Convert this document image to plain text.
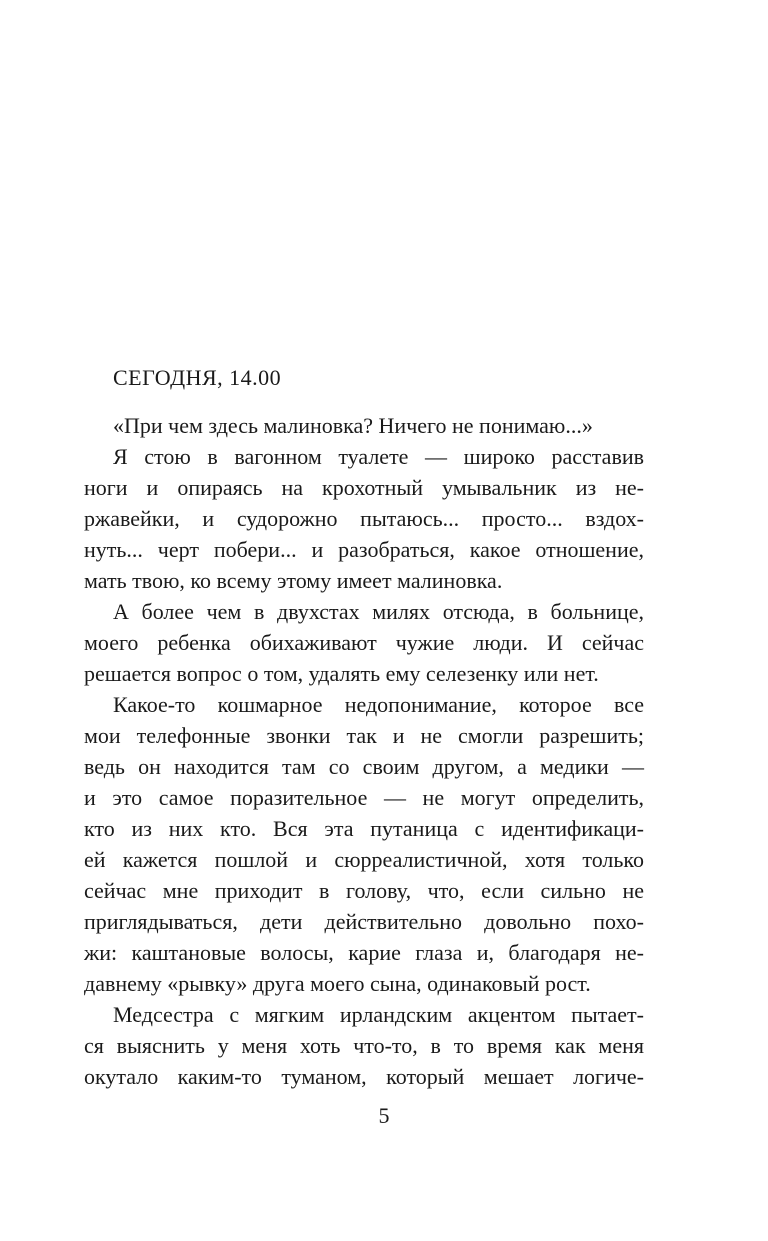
СЕГОДНЯ, 14.00
«При чем здесь малиновка? Ничего не понимаю...»
Я стою в вагонном туалете — широко расставив
ноги и опираясь на крохотный умывальник из не-
ржавейки, и судорожно пытаюсь... просто... вздох-
нуть... черт побери... и разобраться, какое отношение,
мать твою, ко всему этому имеет малиновка.
А более чем в двухстах милях отсюда, в больнице,
моего ребенка обихаживают чужие люди. И сейчас
решается вопрос о том, удалять ему селезенку или нет.
Какое-то кошмарное недопонимание, которое все
мои телефонные звонки так и не смогли разрешить;
ведь он находится там со своим другом, а медики —
и это самое поразительное — не могут определить,
кто из них кто. Вся эта путаница с идентификаци-
ей кажется пошлой и сюрреалистичной, хотя только
сейчас мне приходит в голову, что, если сильно не
приглядываться, дети действительно довольно похо-
жи: каштановые волосы, карие глаза и, благодаря не-
давнему «рывку» друга моего сына, одинаковый рост.
Медсестра с мягким ирландским акцентом пытает-
ся выяснить у меня хоть что-то, в то время как меня
окутало каким-то туманом, который мешает логиче-

5
